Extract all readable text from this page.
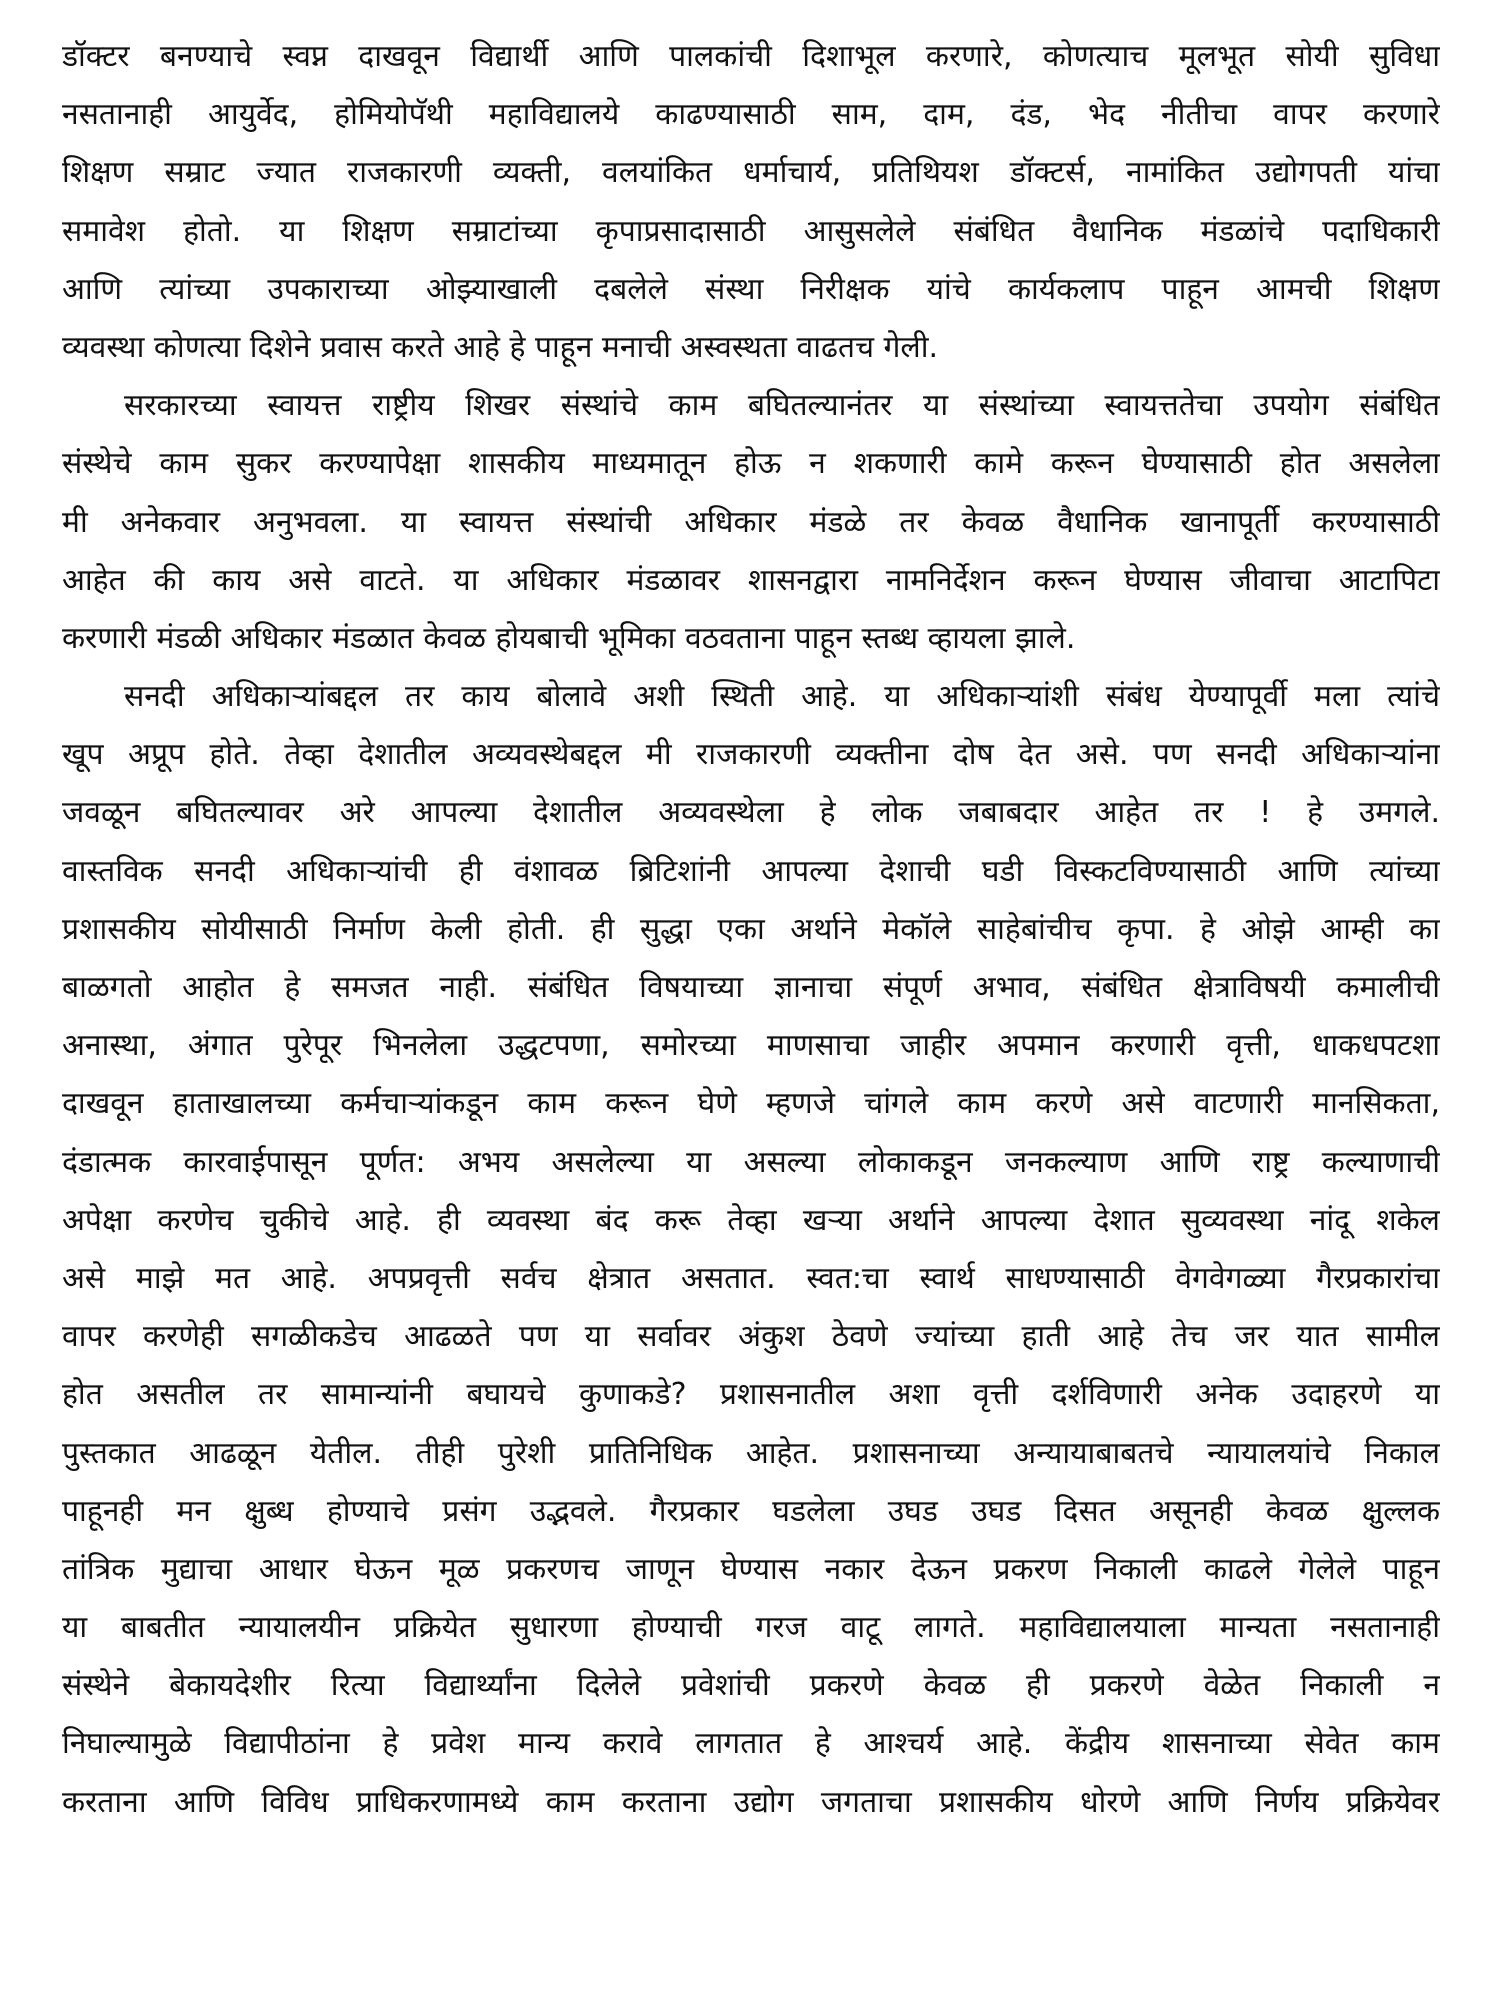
डॉक्टर बनण्याचे स्वप्न दाखवून विद्यार्थी आणि पालकांची दिशाभूल करणारे, कोणत्याच मूलभूत सोयी सुविधा
नसतानाही आयुर्वेद, होमियोपॅथी महाविद्यालये काढण्यासाठी साम, दाम, दंड, भेद नीतीचा वापर करणारे
शिक्षण सम्राट ज्यात राजकारणी व्यक्ती, वलयांकित धर्माचार्य, प्रतिथियश डॉक्टर्स, नामांकित उद्योगपती यांचा
समावेश होतो. या शिक्षण सम्राटांच्या कृपाप्रसादासाठी आसुसलेले संबंधित वैधानिक मंडळांचे पदाधिकारी
आणि त्यांच्या उपकाराच्या ओझ्याखाली दबलेले संस्था निरीक्षक यांचे कार्यकलाप पाहून आमची शिक्षण
व्यवस्था कोणत्या दिशेने प्रवास करते आहे हे पाहून मनाची अस्वस्थता वाढतच गेली.
सरकारच्या स्वायत्त राष्ट्रीय शिखर संस्थांचे काम बघितल्यानंतर या संस्थांच्या स्वायत्ततेचा उपयोग संबंधित
संस्थेचे काम सुकर करण्यापेक्षा शासकीय माध्यमातून होऊ न शकणारी कामे करून घेण्यासाठी होत असलेला
मी अनेकवार अनुभवला. या स्वायत्त संस्थांची अधिकार मंडळे तर केवळ वैधानिक खानापूर्ती करण्यासाठी
आहेत की काय असे वाटते. या अधिकार मंडळावर शासनद्वारा नामनिर्देशन करून घेण्यास जीवाचा आटापिटा
करणारी मंडळी अधिकार मंडळात केवळ होयबाची भूमिका वठवताना पाहून स्तब्ध व्हायला झाले.
सनदी अधिकाऱ्यांबद्दल तर काय बोलावे अशी स्थिती आहे. या अधिकाऱ्यांशी संबंध येण्यापूर्वी मला त्यांचे
खूप अप्रूप होते. तेव्हा देशातील अव्यवस्थेबद्दल मी राजकारणी व्यक्तीना दोष देत असे. पण सनदी अधिकाऱ्यांना
जवळून बघितल्यावर अरे आपल्या देशातील अव्यवस्थेला हे लोक जबाबदार आहेत तर ! हे उमगले.
वास्तविक सनदी अधिकाऱ्यांची ही वंशावळ ब्रिटिशांनी आपल्या देशाची घडी विस्कटविण्यासाठी आणि त्यांच्या
प्रशासकीय सोयीसाठी निर्माण केली होती. ही सुद्धा एका अर्थाने मेकॉले साहेबांचीच कृपा. हे ओझे आम्ही का
बाळगतो आहोत हे समजत नाही. संबंधित विषयाच्या ज्ञानाचा संपूर्ण अभाव, संबंधित क्षेत्राविषयी कमालीची
अनास्था, अंगात पुरेपूर भिनलेला उद्धटपणा, समोरच्या माणसाचा जाहीर अपमान करणारी वृत्ती, धाकधपटशा
दाखवून हाताखालच्या कर्मचाऱ्यांकडून काम करून घेणे म्हणजे चांगले काम करणे असे वाटणारी मानसिकता,
दंडात्मक कारवाईपासून पूर्णत: अभय असलेल्या या असल्या लोकाकडून जनकल्याण आणि राष्ट्र कल्याणाची
अपेक्षा करणेच चुकीचे आहे. ही व्यवस्था बंद करू तेव्हा खऱ्या अर्थाने आपल्या देशात सुव्यवस्था नांदू शकेल
असे माझे मत आहे. अपप्रवृत्ती सर्वच क्षेत्रात असतात. स्वत:चा स्वार्थ साधण्यासाठी वेगवेगळ्या गैरप्रकारांचा
वापर करणेही सगळीकडेच आढळते पण या सर्वावर अंकुश ठेवणे ज्यांच्या हाती आहे तेच जर यात सामील
होत असतील तर सामान्यांनी बघायचे कुणाकडे? प्रशासनातील अशा वृत्ती दर्शविणारी अनेक उदाहरणे या
पुस्तकात आढळून येतील. तीही पुरेशी प्रातिनिधिक आहेत. प्रशासनाच्या अन्यायाबाबतचे न्यायालयांचे निकाल
पाहूनही मन क्षुब्ध होण्याचे प्रसंग उद्भवले. गैरप्रकार घडलेला उघड उघड दिसत असूनही केवळ क्षुल्लक
तांत्रिक मुद्याचा आधार घेऊन मूळ प्रकरणच जाणून घेण्यास नकार देऊन प्रकरण निकाली काढले गेलेले पाहून
या बाबतीत न्यायालयीन प्रक्रियेत सुधारणा होण्याची गरज वाटू लागते. महाविद्यालयाला मान्यता नसतानाही
संस्थेने बेकायदेशीर रित्या विद्यार्थ्यांना दिलेले प्रवेशांची प्रकरणे केवळ ही प्रकरणे वेळेत निकाली न
निघाल्यामुळे विद्यापीठांना हे प्रवेश मान्य करावे लागतात हे आश्चर्य आहे. केंद्रीय शासनाच्या सेवेत काम
करताना आणि विविध प्राधिकरणामध्ये काम करताना उद्योग जगताचा प्रशासकीय धोरणे आणि निर्णय प्रक्रियेवर
